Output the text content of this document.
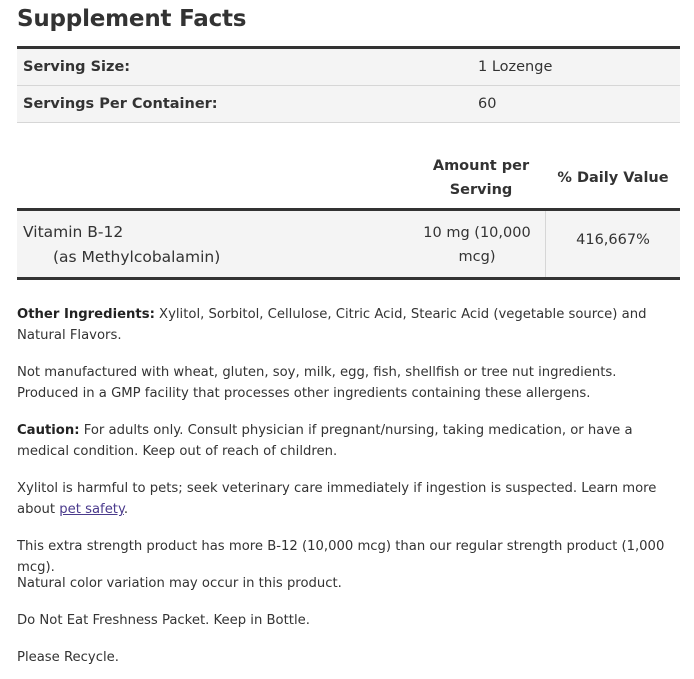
Supplement Facts
Serving Size:	1 Lozenge
Servings Per Container:	60
Amount per
Serving
% Daily Value
Vitamin B-12
(as Methylcobalamin)
10 mg (10,000
mcg)
416,667%
Other Ingredients: Xylitol, Sorbitol, Cellulose, Citric Acid, Stearic Acid (vegetable source) and Natural Flavors.
Not manufactured with wheat, gluten, soy, milk, egg, fish, shellfish or tree nut ingredients. Produced in a GMP facility that processes other ingredients containing these allergens.
Caution: For adults only. Consult physician if pregnant/nursing, taking medication, or have a medical condition. Keep out of reach of children.
Xylitol is harmful to pets; seek veterinary care immediately if ingestion is suspected. Learn more about pet safety.
This extra strength product has more B-12 (10,000 mcg) than our regular strength product (1,000 mcg).
Natural color variation may occur in this product.
Do Not Eat Freshness Packet. Keep in Bottle.
Please Recycle.
